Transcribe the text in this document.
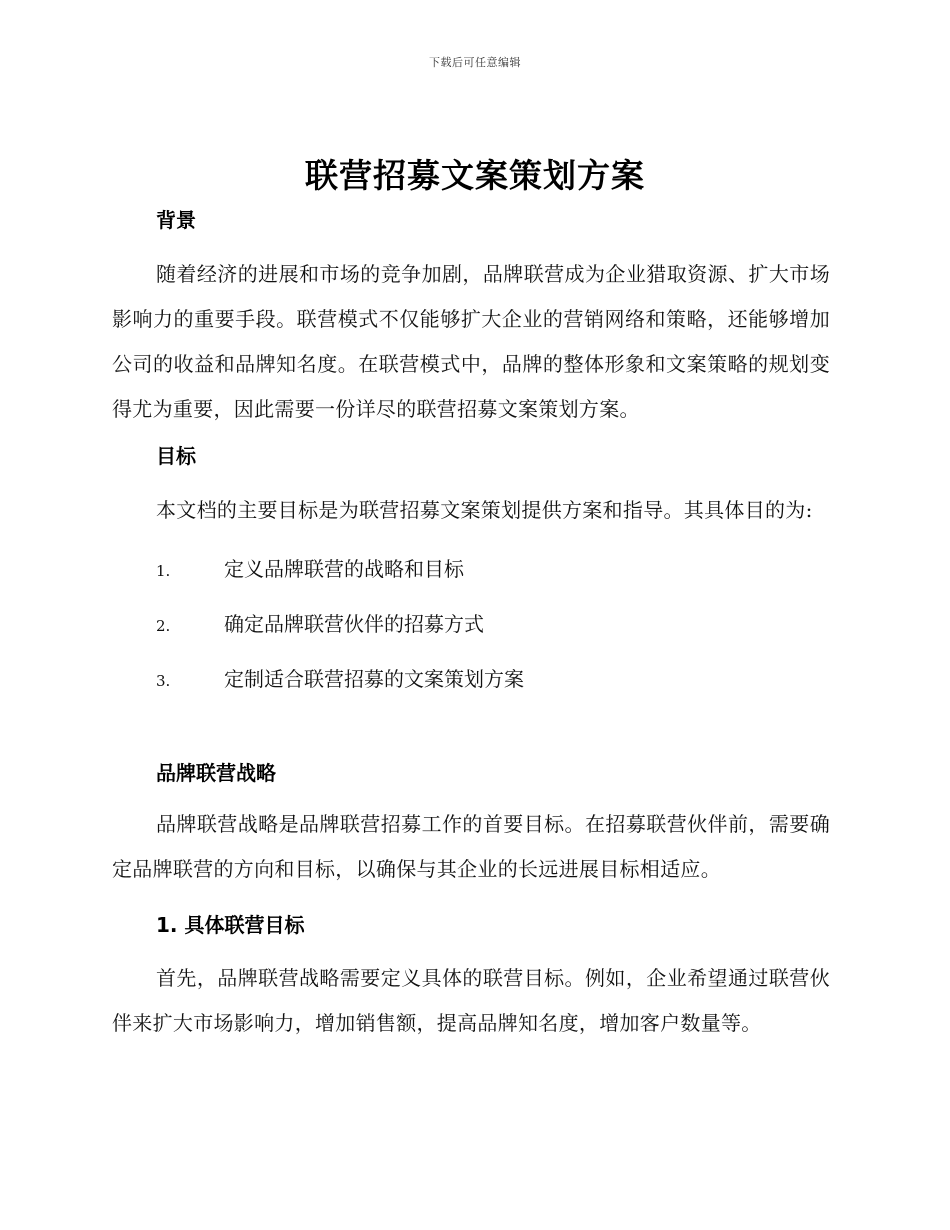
下载后可任意编辑
联营招募文案策划方案
背景

随着经济的进展和市场的竞争加剧，品牌联营成为企业猎取资源、扩大市场影响力的重要手段。联营模式不仅能够扩大企业的营销网络和策略，还能够增加公司的收益和品牌知名度。在联营模式中，品牌的整体形象和文案策略的规划变得尤为重要，因此需要一份详尽的联营招募文案策划方案。

目标

本文档的主要目标是为联营招募文案策划提供方案和指导。其具体目的为:

1.	定义品牌联营的战略和目标
2.	确定品牌联营伙伴的招募方式
3.	定制适合联营招募的文案策划方案
品牌联营战略

品牌联营战略是品牌联营招募工作的首要目标。在招募联营伙伴前，需要确定品牌联营的方向和目标，以确保与其企业的长远进展目标相适应。

1. 具体联营目标

首先，品牌联营战略需要定义具体的联营目标。例如，企业希望通过联营伙伴来扩大市场影响力，增加销售额，提高品牌知名度，增加客户数量等。
